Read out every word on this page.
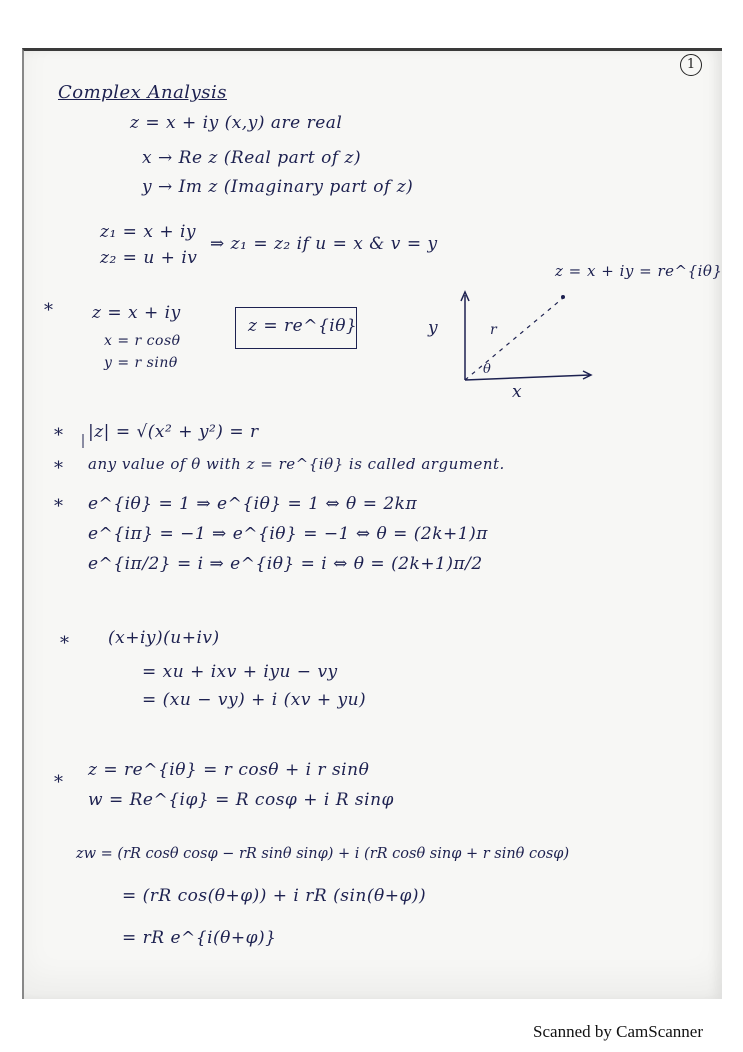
1
Complex Analysis
z = x + iy (x,y) are real
x → Re z (Real part of z)
y → Im z (Imaginary part of z)
z₁ = x + iy
z₂ = u + iv
⇒ z₁ = z₂ if u = x & v = y
* z = x + iy
x = r cosθ
y = r sinθ
z = re^{iθ}
z = x + iy = re^{iθ}
y
x
r
θ
* |z| = √(x² + y²) = r
* any value of θ with z = re^{iθ} is called argument.
* e^{iθ} = 1 ⇒ e^{iθ} = 1 ⇔ θ = 2kπ
e^{iπ} = −1 ⇒ e^{iθ} = −1 ⇔ θ = (2k+1)π
e^{iπ/2} = i ⇒ e^{iθ} = i ⇔ θ = (2k+1)π/2
* (x+iy)(u+iv)
= xu + ixv + iyu − vy
= (xu − vy) + i (xv + yu)
*
z = re^{iθ} = r cosθ + i r sinθ
w = Re^{iφ} = R cosφ + i R sinφ
zw = (rR cosθ cosφ − rR sinθ sinφ) + i (rR cosθ sinφ + r sinθ cosφ)
= (rR cos(θ+φ)) + i rR (sin(θ+φ))
= rR e^{i(θ+φ)}
Scanned by CamScanner
